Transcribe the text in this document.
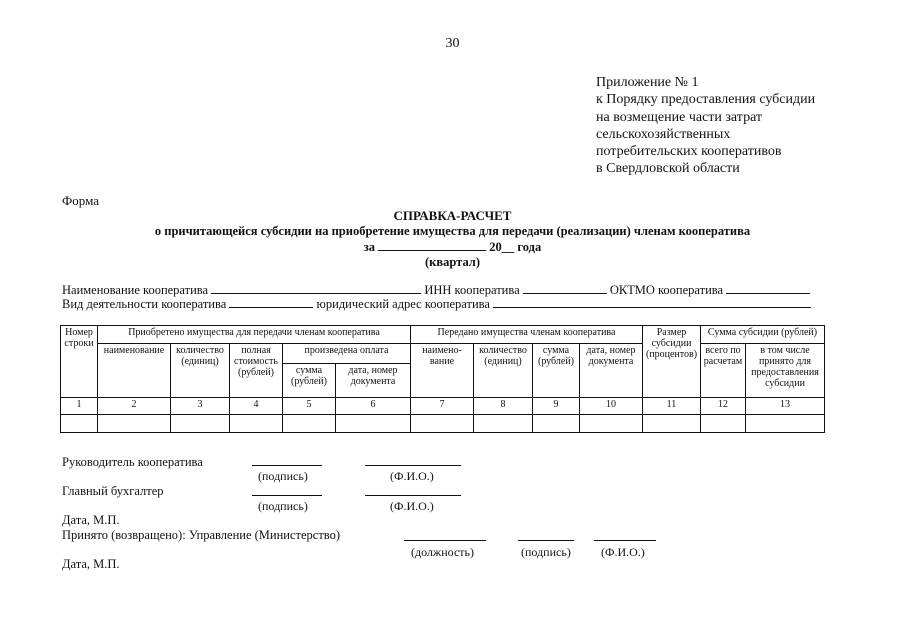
30
Приложение № 1
к Порядку предоставления субсидии
на возмещение части затрат
сельскохозяйственных
потребительских кооперативов
в Свердловской области
Форма
СПРАВКА-РАСЧЕТ
о причитающейся субсидии на приобретение имущества для передачи (реализации) членам кооператива
за	20__ года
(квартал)
Наименование кооператива	ИНН кооператива	ОКТМО кооператива
Вид деятельности кооператива	юридический адрес кооператива
Номер строки	Приобретено имущества для передачи членам кооператива					Передано имущества членам кооператива				Размер субсидии (процентов)	Сумма субсидии (рублей)	
	наименование	количество (единиц)	полная стоимость (рублей)	произведена оплата		наимено-вание	количество (единиц)	сумма (рублей)	дата, номер документа		всего по расчетам	в том числе принято для предоставления субсидии
				сумма (рублей)	дата, номер документа							
1	2	3	4	5	6	7	8	9	10	11	12	13

Руководитель кооператива
(подпись)	(Ф.И.О.)
Главный бухгалтер
(подпись)	(Ф.И.О.)
Дата, М.П.
Принято (возвращено): Управление (Министерство)
(должность)	(подпись)	(Ф.И.О.)
Дата, М.П.
